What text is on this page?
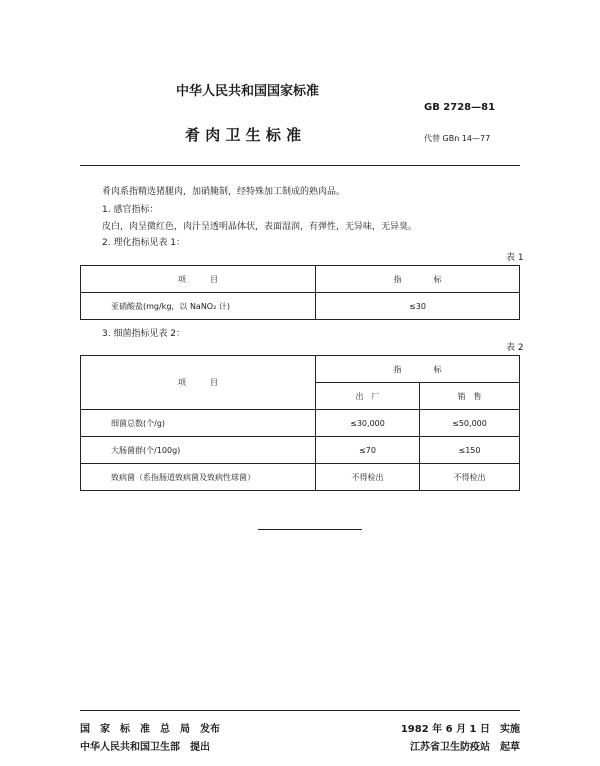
中华人民共和国国家标准
GB 2728—81
肴 肉 卫 生 标 准	代替 GBn 14—77
肴肉系指精选猪腿肉，加硝腌制，经特殊加工制成的熟肉品。
1. 感官指标：
皮白，肉呈微红色，肉汁呈透明晶体状，表面湿润，有弹性，无异味，无异臭。
2. 理化指标见表 1：
表 1
项　　　目	指　　　　标
亚硝酸盐(mg/kg，以 NaNO₂ 计)	≤30
3. 细菌指标见表 2：
表 2
项　　　目	指　　　　标	
	出　厂	销　售
细菌总数(个/g)	≤30,000	≤50,000
大肠菌群(个/100g)	≤70	≤150
致病菌（系指肠道致病菌及致病性球菌）	不得检出	不得检出
国　家　标　准　总　局　发布
中华人民共和国卫生部　提出
1982 年 6 月 1 日　实施
江苏省卫生防疫站　起草
